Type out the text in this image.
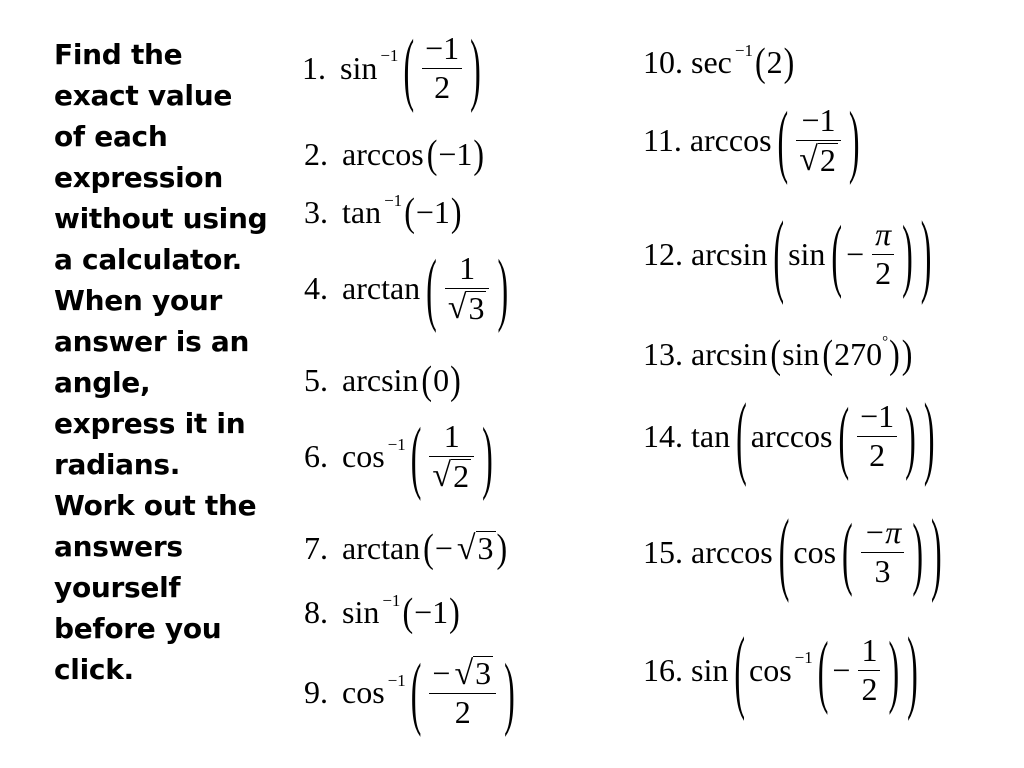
Find the
exact value
of each
expression
without using
a calculator.
When your
answer is an
angle,
express it in
radians.
Work out the
answers
yourself
before you
click.
1. $\sin^{-1}$ ( $\frac{-1}{2}$ )
2. arccos ( −1 )
3. $\tan^{-1}$ ( −1 )
4. arctan ( $\frac{1}{√ 3}$ )
5. arcsin ( 0 )
6. $\cos^{-1}$ ( $\frac{1}{√ 2}$ )
7. arctan ( − √ 3 )
8. $\sin^{-1}$ ( −1 )
9. $\cos^{-1}$ ( $\frac{- √ 3}{2}$ )
10. $\sec^{-1}$ ( 2 )
11. arccos ( $\frac{-1}{√ 2}$ )
12. arcsin ( sin ( − $\frac{\pi}{2}$ ) )
13. arcsin ( sin ( 270 ° ) )
14. tan ( arccos ( $\frac{-1}{2}$ ) )
15. arccos ( cos ( $\frac{-\pi}{3}$ ) )
16. sin ( $\cos^{-1}$ ( − $\frac{1}{2}$ ) )
